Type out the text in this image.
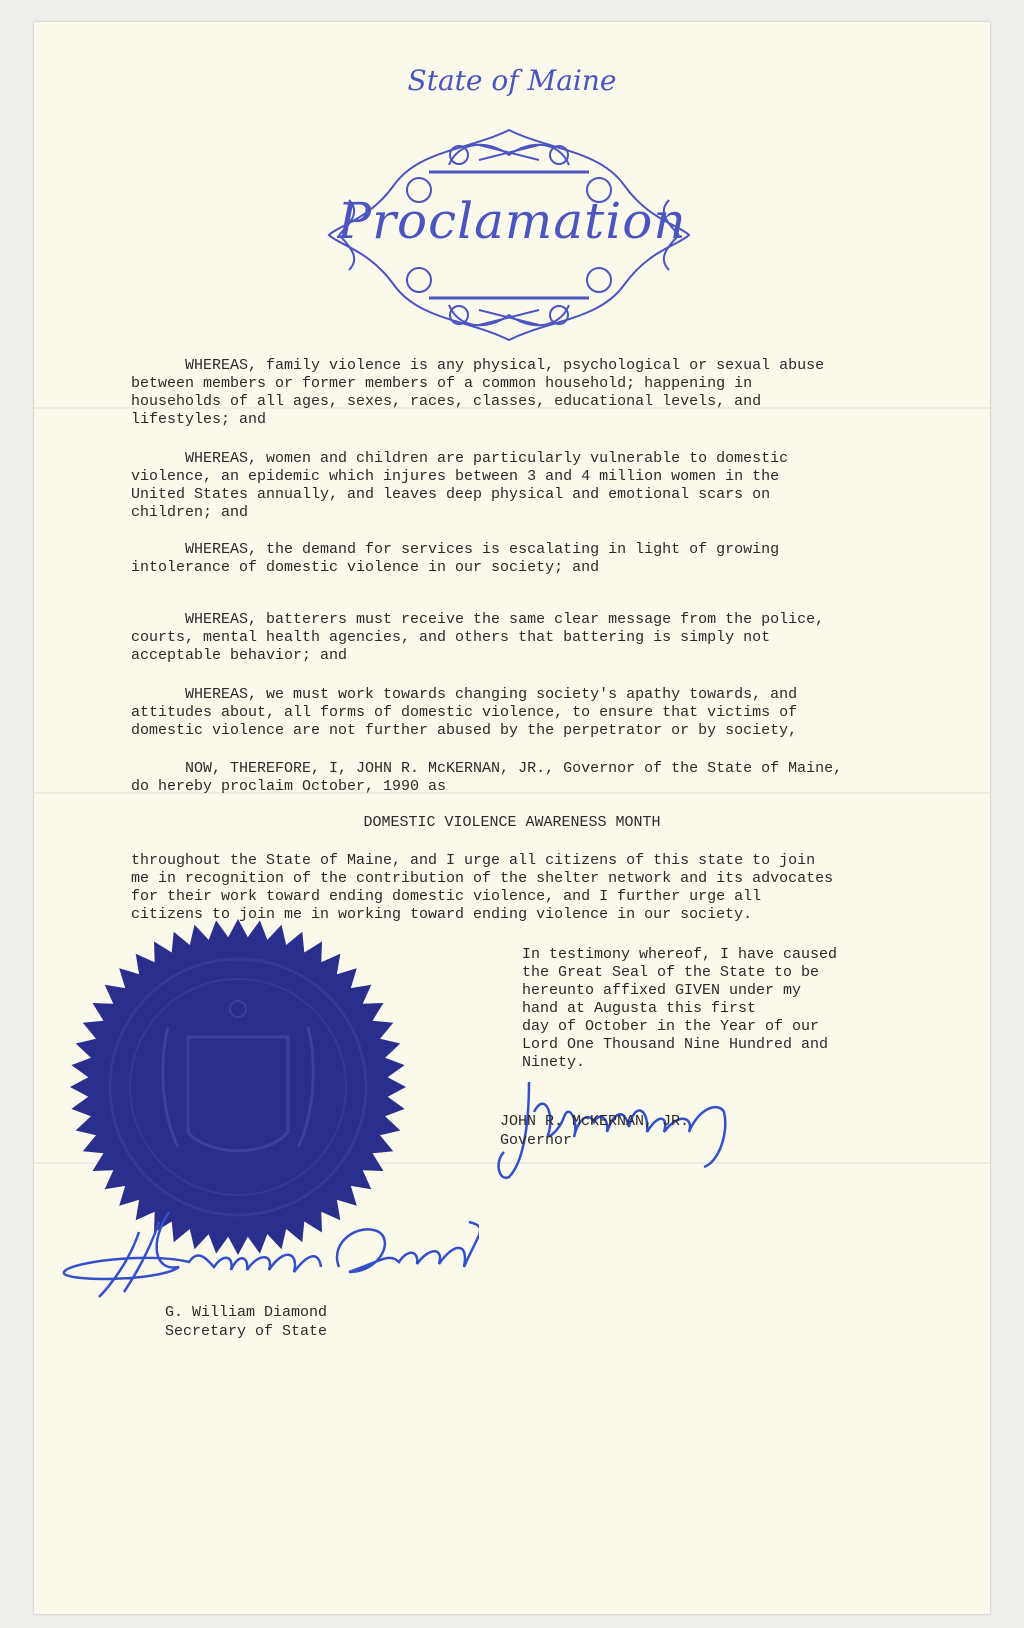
State of Maine
Proclamation

WHEREAS, family violence is any physical, psychological or sexual abuse
between members or former members of a common household; happening in
households of all ages, sexes, races, classes, educational levels, and
lifestyles; and

WHEREAS, women and children are particularly vulnerable to domestic
violence, an epidemic which injures between 3 and 4 million women in the
United States annually, and leaves deep physical and emotional scars on
children; and

WHEREAS, the demand for services is escalating in light of growing
intolerance of domestic violence in our society; and

WHEREAS, batterers must receive the same clear message from the police,
courts, mental health agencies, and others that battering is simply not
acceptable behavior; and

WHEREAS, we must work towards changing society's apathy towards, and
attitudes about, all forms of domestic violence, to ensure that victims of
domestic violence are not further abused by the perpetrator or by society,

NOW, THEREFORE, I, JOHN R. McKERNAN, JR., Governor of the State of Maine,
do hereby proclaim October, 1990 as

DOMESTIC VIOLENCE AWARENESS MONTH

throughout the State of Maine, and I urge all citizens of this state to join
me in recognition of the contribution of the shelter network and its advocates
for their work toward ending domestic violence, and I further urge all
citizens to join me in working toward ending violence in our society.

In testimony whereof, I have caused
the Great Seal of the State to be
hereunto affixed GIVEN under my
hand at Augusta this first
day of October in the Year of our
Lord One Thousand Nine Hundred and
Ninety.

JOHN R. McKERNAN, JR.
Governor
G. William Diamond
Secretary of State
